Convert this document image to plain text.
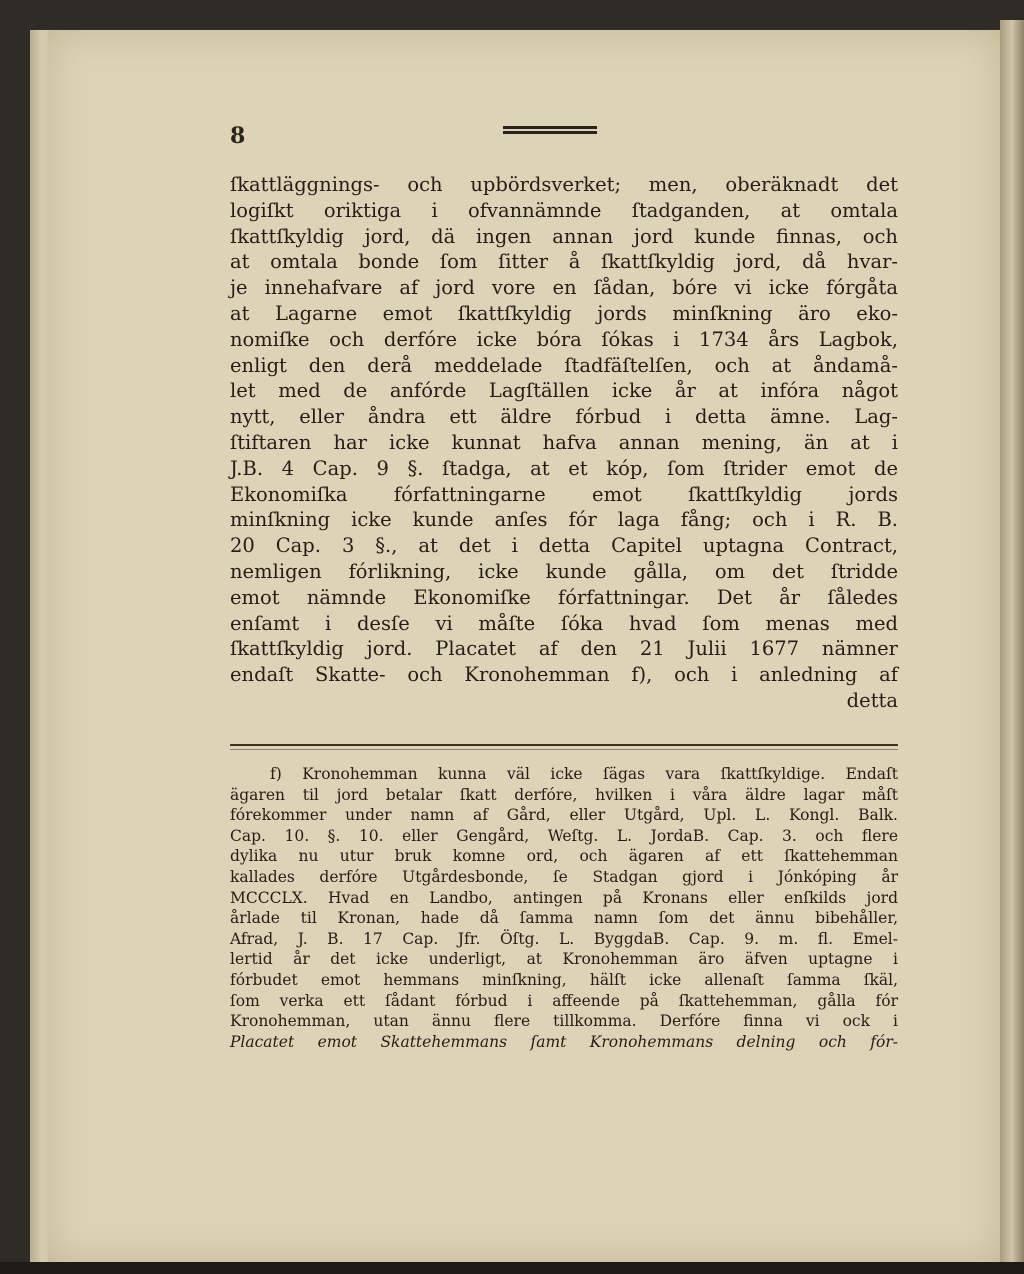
8
ſkattläggnings- och upbördsverket; men, oberäknadt det
logiſkt oriktiga i ofvannämnde ſtadganden, at omtala
ſkattſkyldig jord, dä ingen annan jord kunde finnas, och
at omtala bonde ſom ſitter å ſkattſkyldig jord, då hvar-
je innehafvare af jord vore en ſådan, bóre vi icke fórgåta
at Lagarne emot ſkattſkyldig jords minſkning äro eko-
nomiſke och derfóre icke bóra ſókas i 1734 års Lagbok,
enligt den derå meddelade ſtadfäſtelſen, och at åndamå-
let med de anfórde Lagſtällen icke år at infóra något
nytt, eller åndra ett äldre fórbud i detta ämne. Lag-
ſtiftaren har icke kunnat hafva annan mening, än at i
J.B. 4 Cap. 9 §. ſtadga, at et kóp, ſom ſtrider emot de
Ekonomiſka fórfattningarne emot ſkattſkyldig jords
minſkning icke kunde anſes fór laga fång; och i R. B.
20 Cap. 3 §., at det i detta Capitel uptagna Contract,
nemligen fórlikning, icke kunde gålla, om det ſtridde
emot nämnde Ekonomiſke fórfattningar. Det år ſåledes
enſamt i desſe vi måſte ſóka hvad ſom menas med
ſkattſkyldig jord. Placatet af den 21 Julii 1677 nämner
endaſt Skatte- och Kronohemman f), och i anledning af
detta
f) Kronohemman kunna väl icke ſägas vara ſkattſkyldige. Endaſt
ägaren til jord betalar ſkatt derfóre, hvilken i våra äldre lagar måſt
fórekommer under namn af Gård, eller Utgård, Upl. L. Kongl. Balk.
Cap. 10. §. 10. eller Gengård, Weſtg. L. JordaB. Cap. 3. och flere
dylika nu utur bruk komne ord, och ägaren af ett ſkattehemman
kallades derfóre Utgårdesbonde, ſe Stadgan gjord i Jónkóping år
MCCCLX. Hvad en Landbo, antingen på Kronans eller enſkilds jord
årlade til Kronan, hade då ſamma namn ſom det ännu bibehåller,
Afrad, J. B. 17 Cap. Jfr. Öſtg. L. ByggdaB. Cap. 9. m. fl. Emel-
lertid år det icke underligt, at Kronohemman äro äfven uptagne i
fórbudet emot hemmans minſkning, hälſt icke allenaſt ſamma ſkäl,
ſom verka ett ſådant fórbud i affeende på ſkattehemman, gålla fór
Kronohemman, utan ännu flere tillkomma. Derfóre finna vi ock i
Placatet emot Skattehemmans ſamt Kronohemmans delning och fór-
